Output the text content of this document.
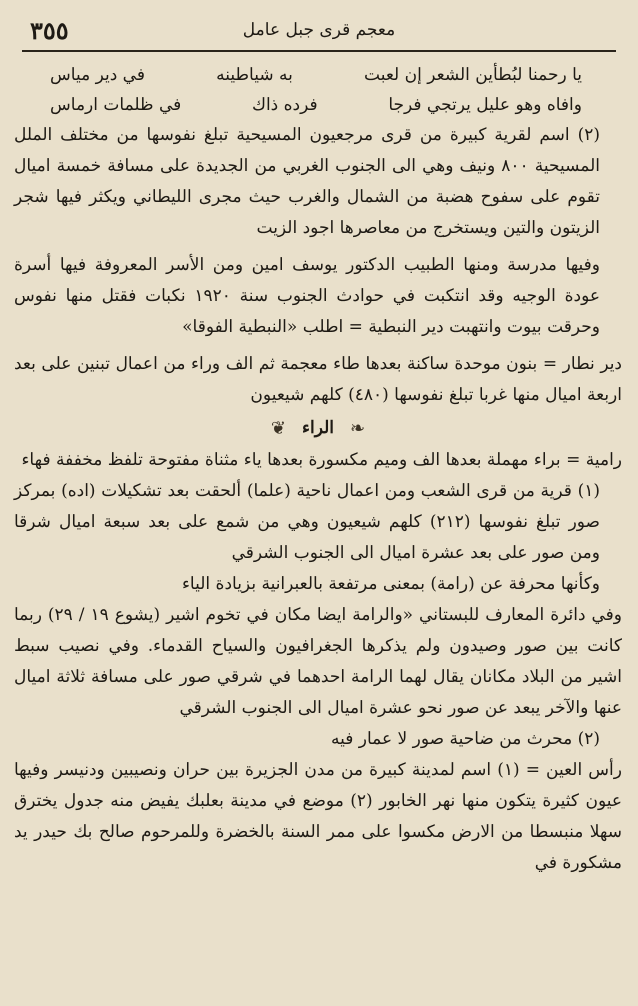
٣٥٥	معجم قرى جبل عامل
يا رحمنا لبُطأين الشعر إن لعبت
به شياطينه
في دير مياس
وافاه وهو عليل يرتجي فرجا
فرده ذاك
في ظلمات ارماس

(٢) اسم لقرية كبيرة من قرى مرجعيون المسيحية تبلغ نفوسها من مختلف الملل المسيحية ٨٠٠ ونيف وهي الى الجنوب الغربي من الجديدة على مسافة خمسة اميال تقوم على سفوح هضبة من الشمال والغرب حيث مجرى الليطاني ويكثر فيها شجر الزيتون والتين ويستخرج من معاصرها اجود الزيت

وفيها مدرسة ومنها الطبيب الدكتور يوسف امين ومن الأسر المعروفة فيها أسرة عودة الوجيه وقد انتكبت في حوادث الجنوب سنة ١٩٢٠ نكبات فقتل منها نفوس وحرقت بيوت وانتهبت دير النبطية = اطلب «النبطية الفوقا»

دير نطار = بنون موحدة ساكنة بعدها طاء معجمة ثم الف وراء من اعمال تبنين على بعد اربعة اميال منها غربا تبلغ نفوسها (٤٨٠) كلهم شيعيون

❧
الراء
❦

رامية = براء مهملة بعدها الف وميم مكسورة بعدها ياء مثناة مفتوحة تلفظ مخففة فهاء

(١) قرية من قرى الشعب ومن اعمال ناحية (علما) ألحقت بعد تشكيلات (اده) بمركز صور تبلغ نفوسها (٢١٢) كلهم شيعيون وهي من شمع على بعد سبعة اميال شرقا ومن صور على بعد عشرة اميال الى الجنوب الشرقي

وكأنها محرفة عن (رامة) بمعنى مرتفعة بالعبرانية بزيادة الياء

وفي دائرة المعارف للبستاني «والرامة ايضا مكان في تخوم اشير (يشوع ١٩ / ٢٩) ربما كانت بين صور وصيدون ولم يذكرها الجغرافيون والسياح القدماء. وفي نصيب سبط اشير من البلاد مكانان يقال لهما الرامة احدهما في شرقي صور على مسافة ثلاثة اميال عنها والآخر يبعد عن صور نحو عشرة اميال الى الجنوب الشرقي

(٢) محرث من ضاحية صور لا عمار فيه

رأس العين = (١) اسم لمدينة كبيرة من مدن الجزيرة بين حران ونصيبين ودنيسر وفيها عيون كثيرة يتكون منها نهر الخابور (٢) موضع في مدينة بعلبك يفيض منه جدول يخترق سهلا منبسطا من الارض مكسوا على ممر السنة بالخضرة وللمرحوم صالح بك حيدر يد مشكورة في
